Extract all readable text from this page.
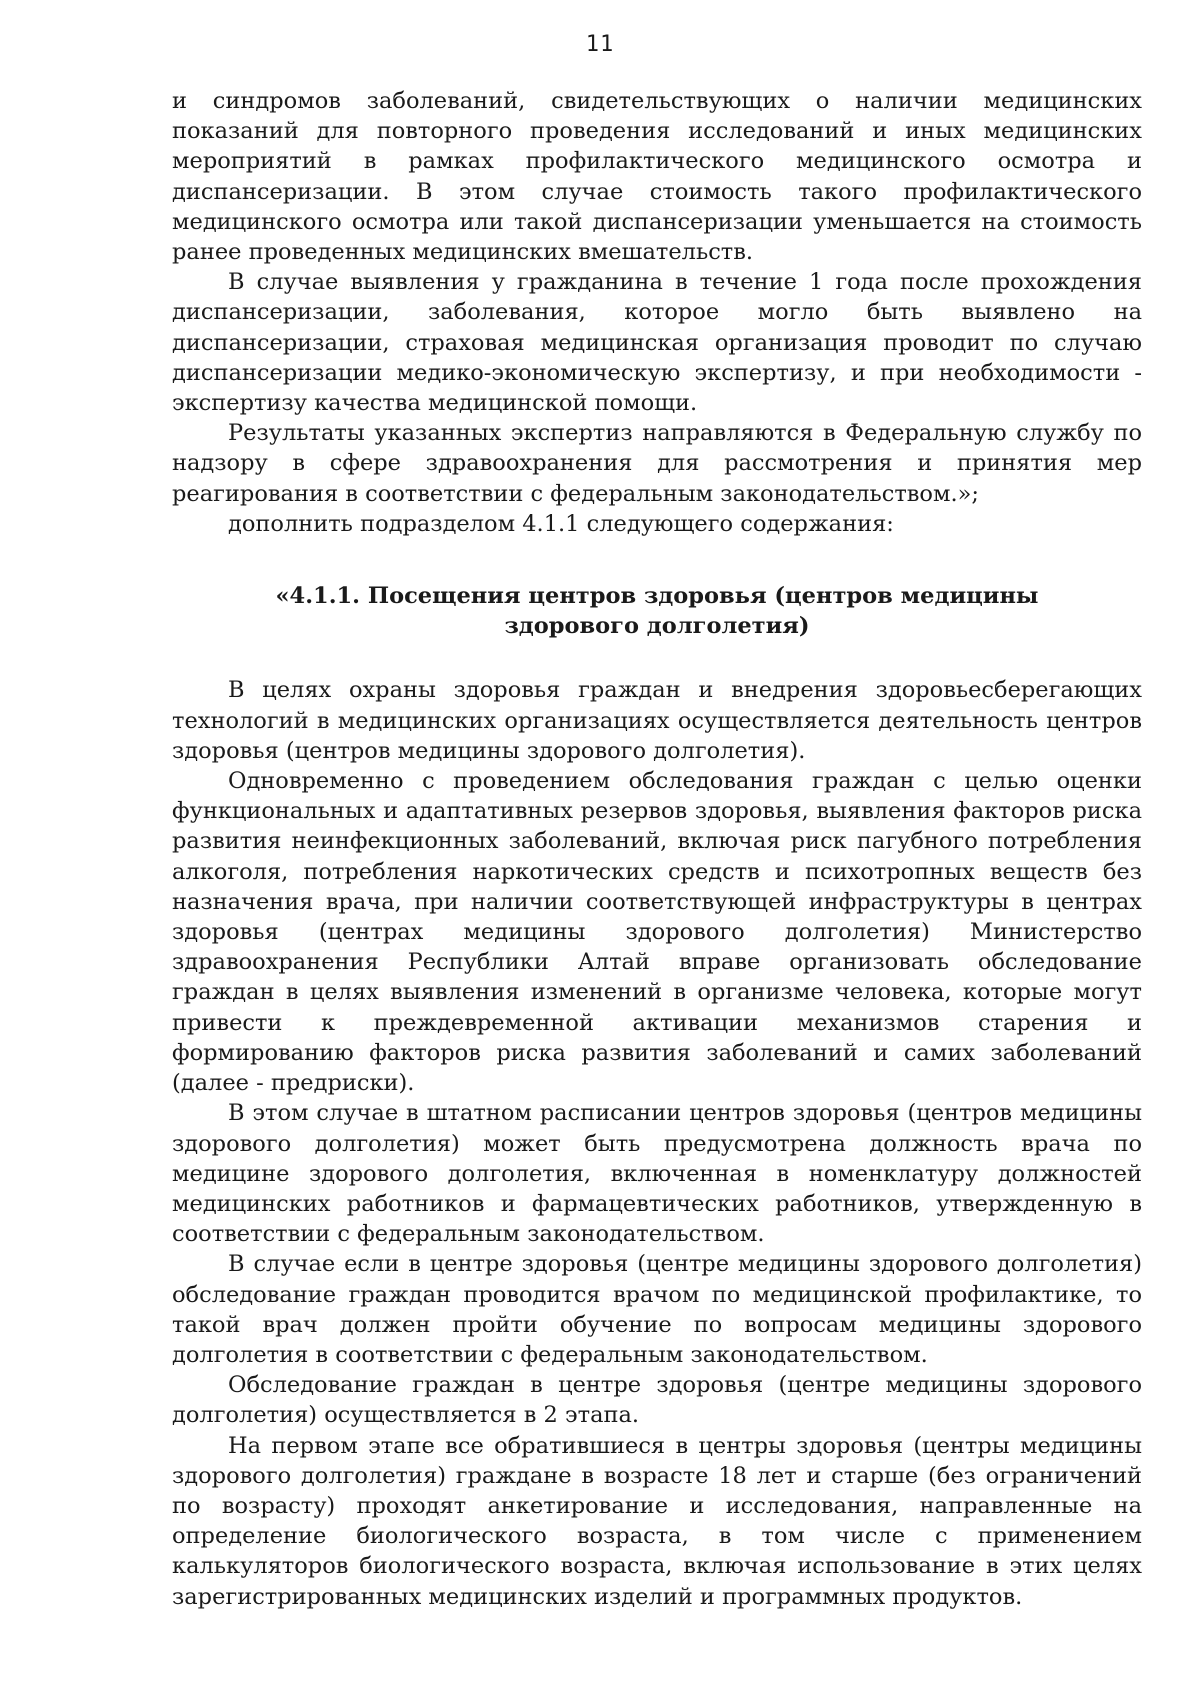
11

и синдромов заболеваний, свидетельствующих о наличии медицинских показаний для повторного проведения исследований и иных медицинских мероприятий в рамках профилактического медицинского осмотра и диспансеризации. В этом случае стоимость такого профилактического медицинского осмотра или такой диспансеризации уменьшается на стоимость ранее проведенных медицинских вмешательств.

В случае выявления у гражданина в течение 1 года после прохождения диспансеризации, заболевания, которое могло быть выявлено на диспансеризации, страховая медицинская организация проводит по случаю диспансеризации медико-экономическую экспертизу, и при необходимости - экспертизу качества медицинской помощи.

Результаты указанных экспертиз направляются в Федеральную службу по надзору в сфере здравоохранения для рассмотрения и принятия мер реагирования в соответствии с федеральным законодательством.»;

дополнить подразделом 4.1.1 следующего содержания:

«4.1.1. Посещения центров здоровья (центров медицины здорового долголетия)

В целях охраны здоровья граждан и внедрения здоровьесберегающих технологий в медицинских организациях осуществляется деятельность центров здоровья (центров медицины здорового долголетия).

Одновременно с проведением обследования граждан с целью оценки функциональных и адаптативных резервов здоровья, выявления факторов риска развития неинфекционных заболеваний, включая риск пагубного потребления алкоголя, потребления наркотических средств и психотропных веществ без назначения врача, при наличии соответствующей инфраструктуры в центрах здоровья (центрах медицины здорового долголетия) Министерство здравоохранения Республики Алтай вправе организовать обследование граждан в целях выявления изменений в организме человека, которые могут привести к преждевременной активации механизмов старения и формированию факторов риска развития заболеваний и самих заболеваний (далее - предриски).

В этом случае в штатном расписании центров здоровья (центров медицины здорового долголетия) может быть предусмотрена должность врача по медицине здорового долголетия, включенная в номенклатуру должностей медицинских работников и фармацевтических работников, утвержденную в соответствии с федеральным законодательством.

В случае если в центре здоровья (центре медицины здорового долголетия) обследование граждан проводится врачом по медицинской профилактике, то такой врач должен пройти обучение по вопросам медицины здорового долголетия в соответствии с федеральным законодательством.

Обследование граждан в центре здоровья (центре медицины здорового долголетия) осуществляется в 2 этапа.

На первом этапе все обратившиеся в центры здоровья (центры медицины здорового долголетия) граждане в возрасте 18 лет и старше (без ограничений по возрасту) проходят анкетирование и исследования, направленные на определение биологического возраста, в том числе с применением калькуляторов биологического возраста, включая использование в этих целях зарегистрированных медицинских изделий и программных продуктов.
